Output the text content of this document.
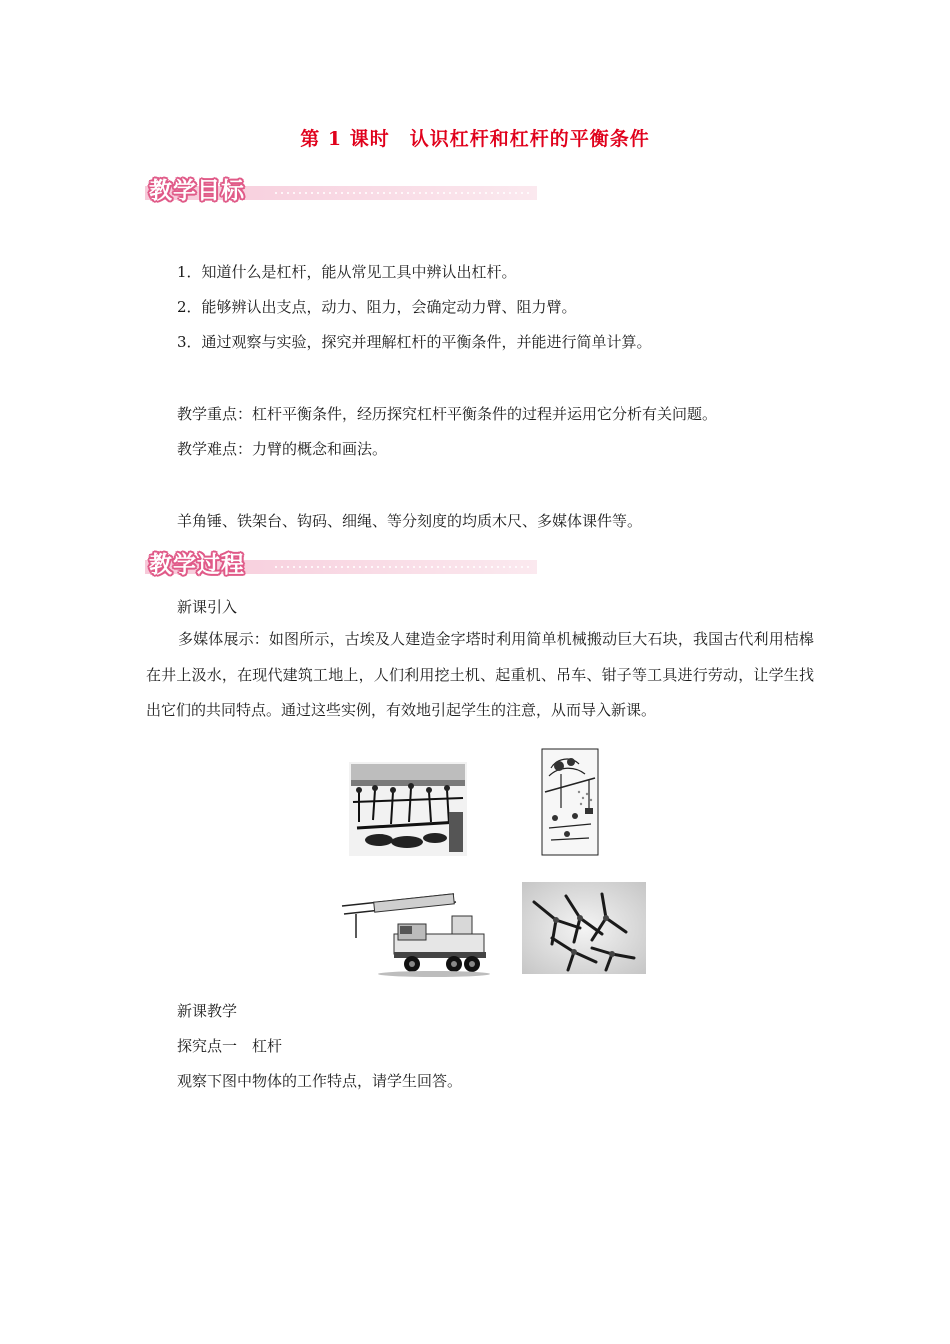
第 1 课时　认识杠杆和杠杆的平衡条件
教学目标
1．知道什么是杠杆，能从常见工具中辨认出杠杆。
2．能够辨认出支点，动力、阻力，会确定动力臂、阻力臂。
3．通过观察与实验，探究并理解杠杆的平衡条件，并能进行简单计算。
教学重点：杠杆平衡条件，经历探究杠杆平衡条件的过程并运用它分析有关问题。
教学难点：力臂的概念和画法。
羊角锤、铁架台、钩码、细绳、等分刻度的均质木尺、多媒体课件等。
教学过程
新课引入
多媒体展示：如图所示，古埃及人建造金字塔时利用简单机械搬动巨大石块，我国古代利用桔槔在井上汲水，在现代建筑工地上，人们利用挖土机、起重机、吊车、钳子等工具进行劳动，让学生找出它们的共同特点。通过这些实例，有效地引起学生的注意，从而导入新课。
新课教学
探究点一　杠杆
观察下图中物体的工作特点，请学生回答。
